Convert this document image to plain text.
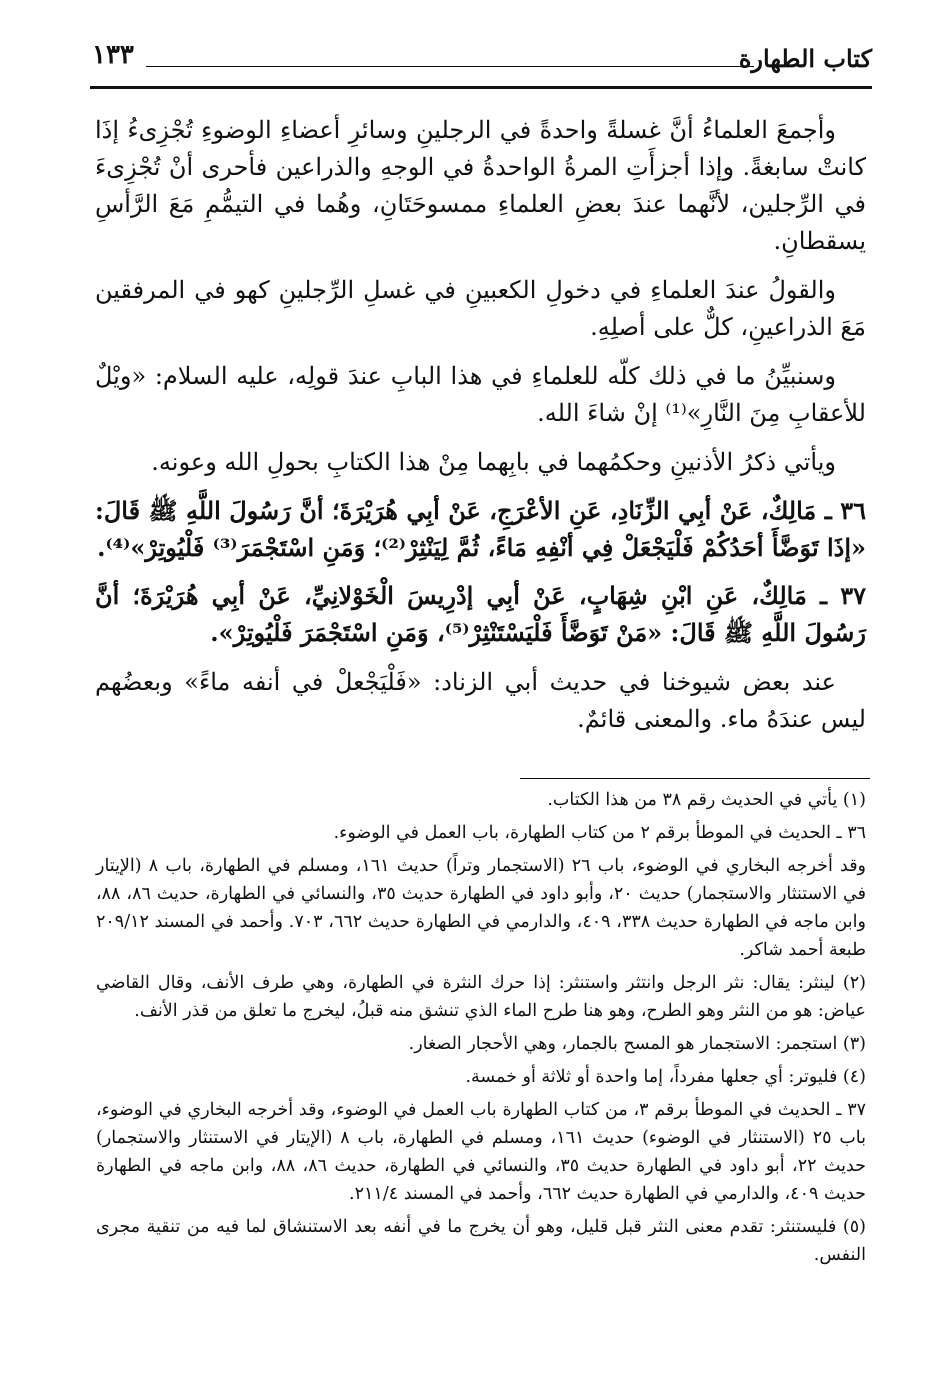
كتاب الطهارة
١٣٣

وأجمعَ العلماءُ أنَّ غسلةً واحدةً في الرجلينِ وسائرِ أعضاءِ الوضوءِ تُجْزِىءُ إذَا كانتْ سابغةً. وإذا أجزأَتِ المرةُ الواحدةُ في الوجهِ والذراعين فأحرى أنْ تُجْزِىءَ في الرِّجلين، لأنَّهما عندَ بعضِ العلماءِ ممسوحَتَانِ، وهُما في التيمُّمِ مَعَ الرَّأسِ يسقطانِ.

والقولُ عندَ العلماءِ في دخولِ الكعبينِ في غسلِ الرِّجلينِ كهو في المرفقين مَعَ الذراعينِ، كلٌّ على أصلِهِ.

وسنبيِّنُ ما في ذلك كلّه للعلماءِ في هذا البابِ عندَ قولِه، عليه السلام: «ويْلٌ للأعقابِ مِنَ النَّارِ»⁽¹⁾ إنْ شاءَ الله.

ويأتي ذكرُ الأذنينِ وحكمُهما في بابِهما مِنْ هذا الكتابِ بحولِ الله وعونه.

٣٦ ـ مَالِكٌ، عَنْ أبِي الزِّنَادِ، عَنِ الأعْرَجِ، عَنْ أبِي هُرَيْرَةَ؛ أنَّ رَسُولَ اللَّهِ ﷺ قَالَ: «إذَا تَوَضَّأَ أحَدُكُمْ فَلْيَجْعَلْ فِي أنْفِهِ مَاءً، ثُمَّ لِيَنْثِرْ⁽²⁾؛ وَمَنِ اسْتَجْمَرَ⁽³⁾ فَلْيُوتِرْ»⁽⁴⁾.

٣٧ ـ مَالِكٌ، عَنِ ابْنِ شِهَابٍ، عَنْ أبِي إدْرِيسَ الْخَوْلانِيِّ، عَنْ أبِي هُرَيْرَةَ؛ أنَّ رَسُولَ اللَّهِ ﷺ قَالَ: «مَنْ تَوَضَّأَ فَلْيَسْتَنْثِرْ⁽⁵⁾، وَمَنِ اسْتَجْمَرَ فَلْيُوتِرْ».

عند بعض شيوخنا في حديث أبي الزناد: «فَلْيَجْعلْ في أنفه ماءً» وبعضُهم ليس عندَهُ ماء. والمعنى قائمٌ.

(١) يأتي في الحديث رقم ٣٨ من هذا الكتاب.

٣٦ ـ الحديث في الموطأ برقم ٢ من كتاب الطهارة، باب العمل في الوضوء.

وقد أخرجه البخاري في الوضوء، باب ٢٦ (الاستجمار وتراً) حديث ١٦١، ومسلم في الطهارة، باب ٨ (الإيتار في الاستنثار والاستجمار) حديث ٢٠، وأبو داود في الطهارة حديث ٣٥، والنسائي في الطهارة، حديث ٨٦، ٨٨، وابن ماجه في الطهارة حديث ٣٣٨، ٤٠٩، والدارمي في الطهارة حديث ٦٦٢، ٧٠٣. وأحمد في المسند ٢٠٩/١٢ طبعة أحمد شاكر.

(٢) لينثر: يقال: نثر الرجل وانتثر واستنثر: إذا حرك النثرة في الطهارة، وهي طرف الأنف، وقال القاضي عياض: هو من النثر وهو الطرح، وهو هنا طرح الماء الذي تنشق منه قبلُ، ليخرج ما تعلق من قذر الأنف.

(٣) استجمر: الاستجمار هو المسح بالجمار، وهي الأحجار الصغار.

(٤) فليوتر: أي جعلها مفرداً، إما واحدة أو ثلاثة أو خمسة.

٣٧ ـ الحديث في الموطأ برقم ٣، من كتاب الطهارة باب العمل في الوضوء، وقد أخرجه البخاري في الوضوء، باب ٢٥ (الاستنثار في الوضوء) حديث ١٦١، ومسلم في الطهارة، باب ٨ (الإيتار في الاستنثار والاستجمار) حديث ٢٢، أبو داود في الطهارة حديث ٣٥، والنسائي في الطهارة، حديث ٨٦، ٨٨، وابن ماجه في الطهارة حديث ٤٠٩، والدارمي في الطهارة حديث ٦٦٢، وأحمد في المسند ٢١١/٤.

(٥) فليستنثر: تقدم معنى النثر قبل قليل، وهو أن يخرج ما في أنفه بعد الاستنشاق لما فيه من تنقية مجرى النفس.
